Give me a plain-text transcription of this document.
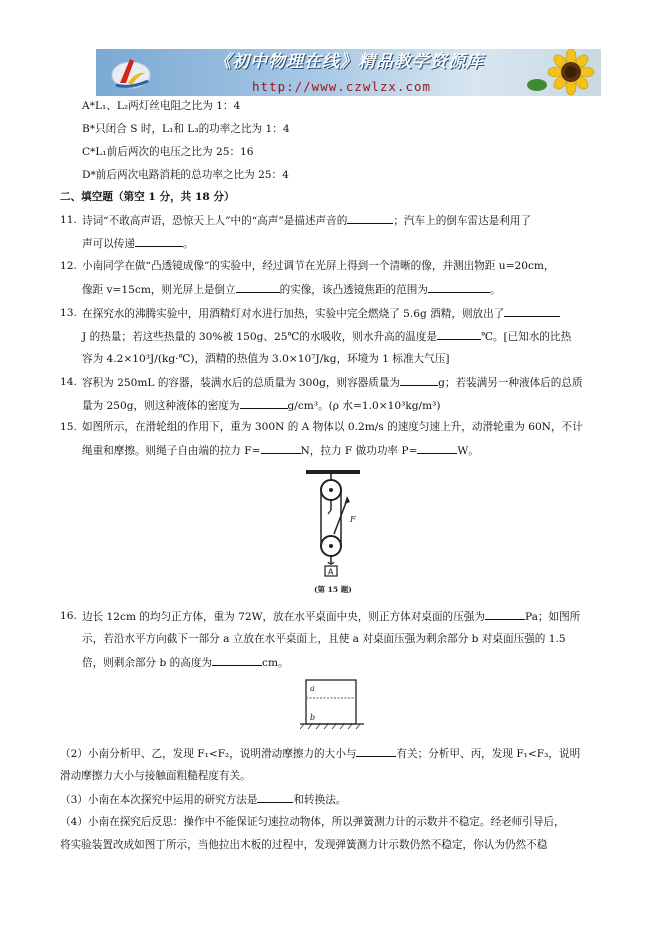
《初中物理在线》精品教学资源库
http://www.czwlzx.com
A*L₁、L₂两灯丝电阻之比为 1：4
B*只闭合 S 时，L₁和 L₃的功率之比为 1：4
C*L₁前后两次的电压之比为 25：16
D*前后两次电路消耗的总功率之比为 25：4
二、填空题（第空 1 分，共 18 分）
11. 诗词“不敢高声语，恐惊天上人”中的“高声”是描述声音的	；汽车上的倒车雷达是利用了
声可以传递	。
12. 小南同学在做“凸透镜成像”的实验中，经过调节在光屏上得到一个清晰的像，并测出物距 u=20cm，
像距 v=15cm，则光屏上是倒立	的实像，该凸透镜焦距的范围为	。
13. 在探究水的沸腾实验中，用酒精灯对水进行加热，实验中完全燃烧了 5.6g 酒精，则放出了
J 的热量；若这些热量的 30%被 150g、25℃的水吸收，则水升高的温度是	℃。[已知水的比热
容为 4.2×10³J/(kg·℃)，酒精的热值为 3.0×10⁷J/kg，环境为 1 标准大气压]
14. 容积为 250mL 的容器，装满水后的总质量为 300g，则容器质量为	g；若装满另一种液体后的总质
量为 250g，则这种液体的密度为	g/cm³。(ρ 水=1.0×10³kg/m³)
15. 如图所示，在滑轮组的作用下，重为 300N 的 A 物体以 0.2m/s 的速度匀速上升，动滑轮重为 60N，不计
绳重和摩擦。则绳子自由端的拉力 F=	N，拉力 F 做功功率 P=	W。
F
A
(第 15 题)
16. 边长 12cm 的均匀正方体，重为 72W，放在水平桌面中央，则正方体对桌面的压强为	Pa；如图所
示，若沿水平方向截下一部分 a 立放在水平桌面上，且使 a 对桌面压强为剩余部分 b 对桌面压强的 1.5
倍，则剩余部分 b 的高度为	cm。
a
b
（2）小南分析甲、乙，发现 F₁<F₂，说明滑动摩擦力的大小与	有关；分析甲、丙，发现 F₁<F₃，说明
滑动摩擦力大小与接触面粗糙程度有关。
（3）小南在本次探究中运用的研究方法是	和转换法。
（4）小南在探究后反思：操作中不能保证匀速拉动物体，所以弹簧测力计的示数并不稳定。经老师引导后，
将实验装置改成如图丁所示，当他拉出木板的过程中，发现弹簧测力计示数仍然不稳定，你认为仍然不稳
